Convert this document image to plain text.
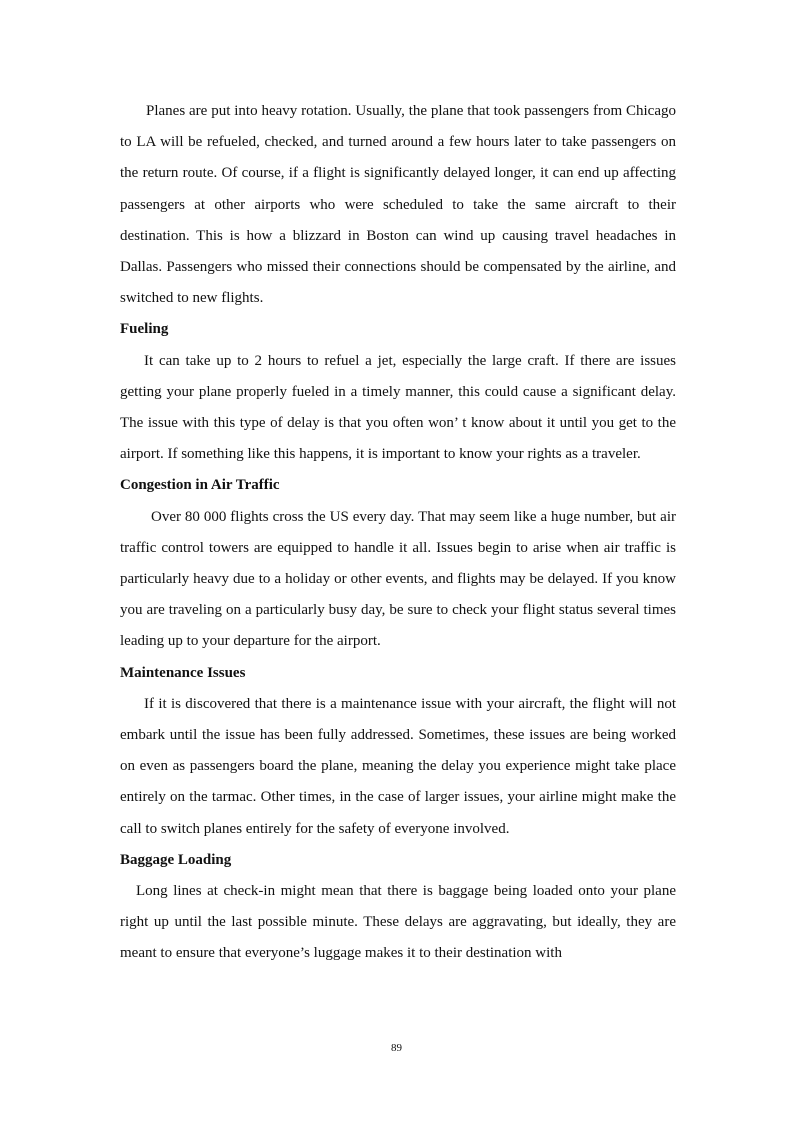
Planes are put into heavy rotation. Usually, the plane that took passengers from Chicago to LA will be refueled, checked, and turned around a few hours later to take passengers on the return route. Of course, if a flight is significantly delayed longer, it can end up affecting passengers at other airports who were scheduled to take the same aircraft to their destination. This is how a blizzard in Boston can wind up causing travel headaches in Dallas. Passengers who missed their connections should be compensated by the airline, and switched to new flights.

Fueling

It can take up to 2 hours to refuel a jet, especially the large craft. If there are issues getting your plane properly fueled in a timely manner, this could cause a significant delay. The issue with this type of delay is that you often won’ t know about it until you get to the airport. If something like this happens, it is important to know your rights as a traveler.

Congestion in Air Traffic

Over 80 000 flights cross the US every day. That may seem like a huge number, but air traffic control towers are equipped to handle it all. Issues begin to arise when air traffic is particularly heavy due to a holiday or other events, and flights may be delayed. If you know you are traveling on a particularly busy day, be sure to check your flight status several times leading up to your departure for the airport.

Maintenance Issues

If it is discovered that there is a maintenance issue with your aircraft, the flight will not embark until the issue has been fully addressed. Sometimes, these issues are being worked on even as passengers board the plane, meaning the delay you experience might take place entirely on the tarmac. Other times, in the case of larger issues, your airline might make the call to switch planes entirely for the safety of everyone involved.

Baggage Loading

Long lines at check-in might mean that there is baggage being loaded onto your plane right up until the last possible minute. These delays are aggravating, but ideally, they are meant to ensure that everyone’s luggage makes it to their destination with

89
